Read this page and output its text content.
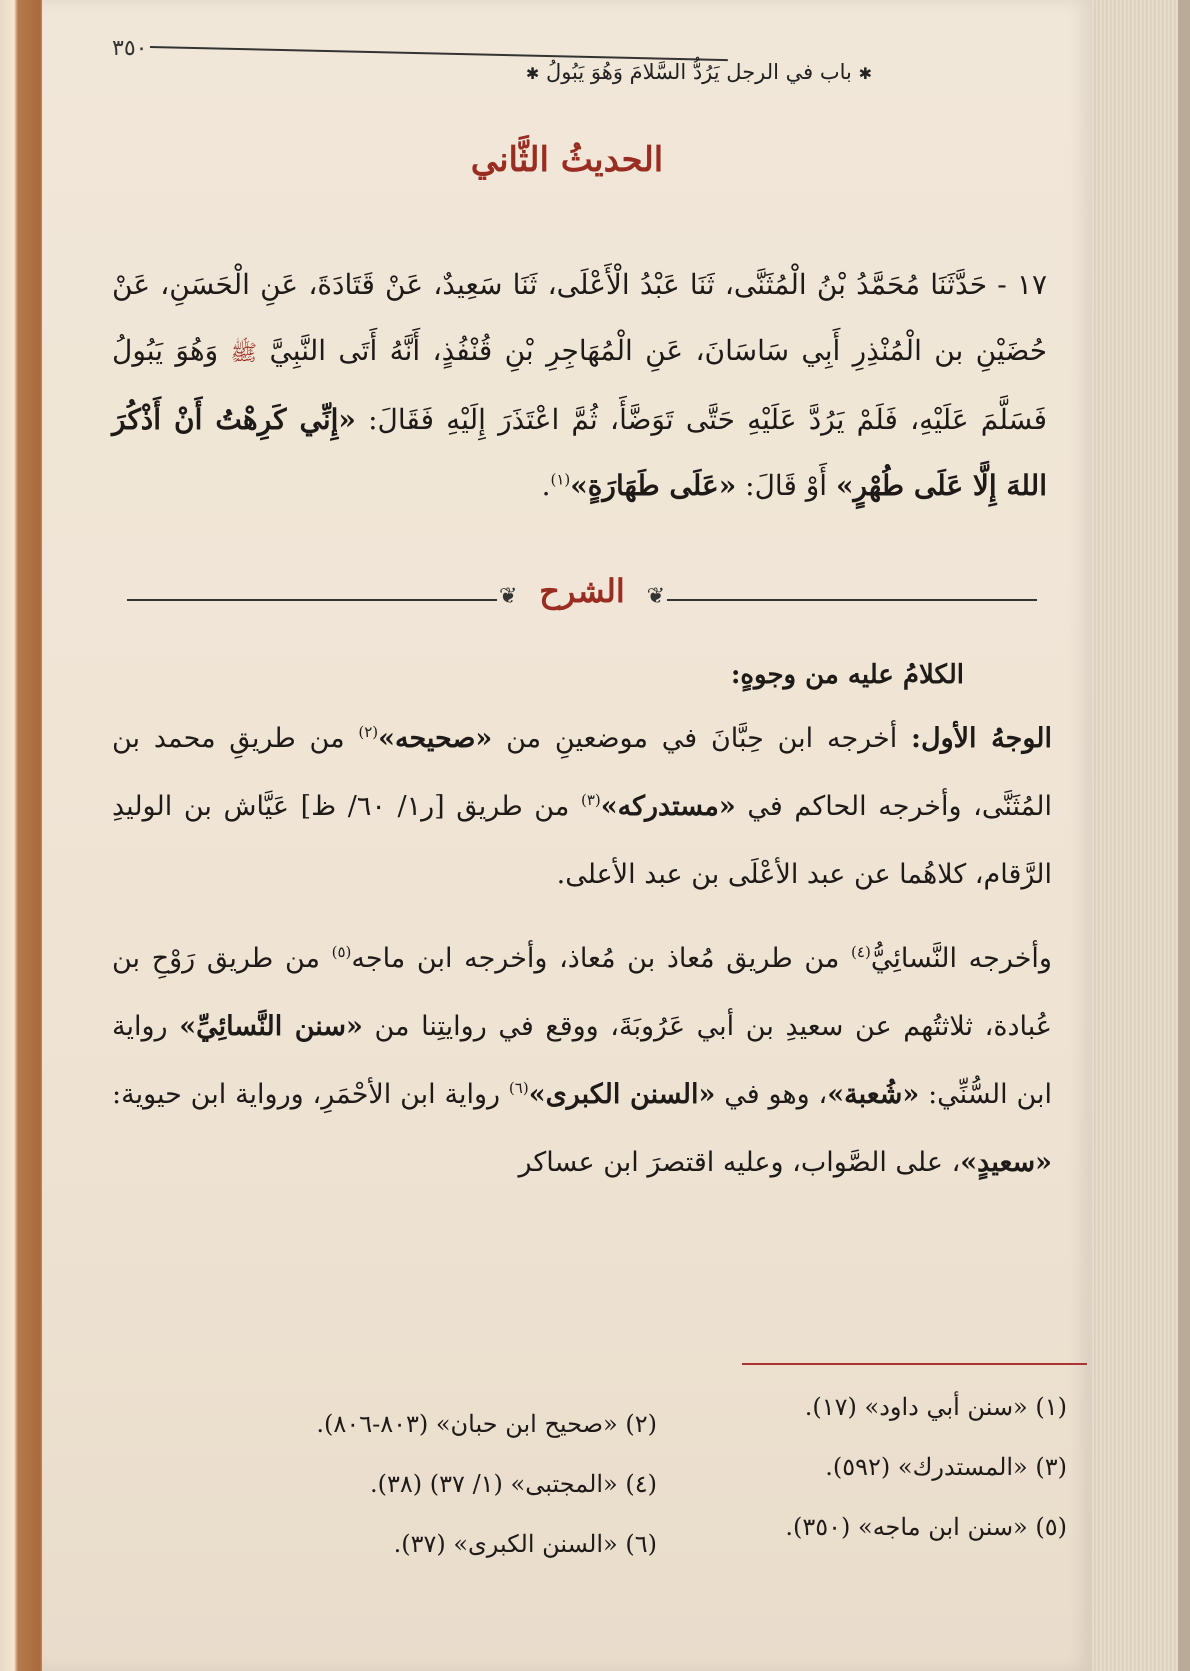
٣٥٠
✱ باب في الرجل يَرُدُّ السَّلامَ وَهُوَ يَبُولُ ✱
الحديثُ الثَّاني
١٧ - حَدَّثَنَا مُحَمَّدُ بْنُ الْمُثَنَّى، ثَنَا عَبْدُ الْأَعْلَى، ثَنَا سَعِيدٌ، عَنْ قَتَادَةَ، عَنِ الْحَسَنِ، عَنْ حُضَيْنِ بن الْمُنْذِرِ أَبِي سَاسَانَ، عَنِ الْمُهَاجِرِ بْنِ قُنْفُذٍ، أَنَّهُ أَتَى النَّبِيَّ ﷺ وَهُوَ يَبُولُ فَسَلَّمَ عَلَيْهِ، فَلَمْ يَرُدَّ عَلَيْهِ حَتَّى تَوَضَّأَ، ثُمَّ اعْتَذَرَ إِلَيْهِ فَقَالَ: «إِنِّي كَرِهْتُ أَنْ أَذْكُرَ اللهَ إِلَّا عَلَى طُهْرٍ» أَوْ قَالَ: «عَلَى طَهَارَةٍ»$^{(١)}$.
❦	❦
الشرح
الكلامُ عليه من وجوهٍ:
الوجهُ الأول: أخرجه ابن حِبَّانَ في موضعينِ من «صحيحه»$^{(٢)}$ من طريقِ محمد بن المُثَنَّى، وأخرجه الحاكم في «مستدركه»$^{(٣)}$ من طريق [ر١/ ٦٠/ ظ] عَيَّاش بن الوليدِ الرَّقام، كلاهُما عن عبد الأعْلَى بن عبد الأعلى.
وأخرجه النَّسائِيُّ$^{(٤)}$ من طريق مُعاذ بن مُعاذ، وأخرجه ابن ماجه$^{(٥)}$ من طريق رَوْحِ بن عُبادة، ثلاثتُهم عن سعيدِ بن أبي عَرُوبَةَ، ووقع في روايتِنا من «سنن النَّسائِيِّ» رواية ابن السُّنِّي: «شُعبة»، وهو في «السنن الكبرى»$^{(٦)}$ رواية ابن الأحْمَرِ، ورواية ابن حيوية: «سعيدٍ»، على الصَّواب، وعليه اقتصرَ ابن عساكر
(١) «سنن أبي داود» (١٧).
(٢) «صحيح ابن حبان» (٨٠٣-٨٠٦).
(٣) «المستدرك» (٥٩٢).
(٤) «المجتبى» (١/ ٣٧) (٣٨).
(٥) «سنن ابن ماجه» (٣٥٠).
(٦) «السنن الكبرى» (٣٧).
